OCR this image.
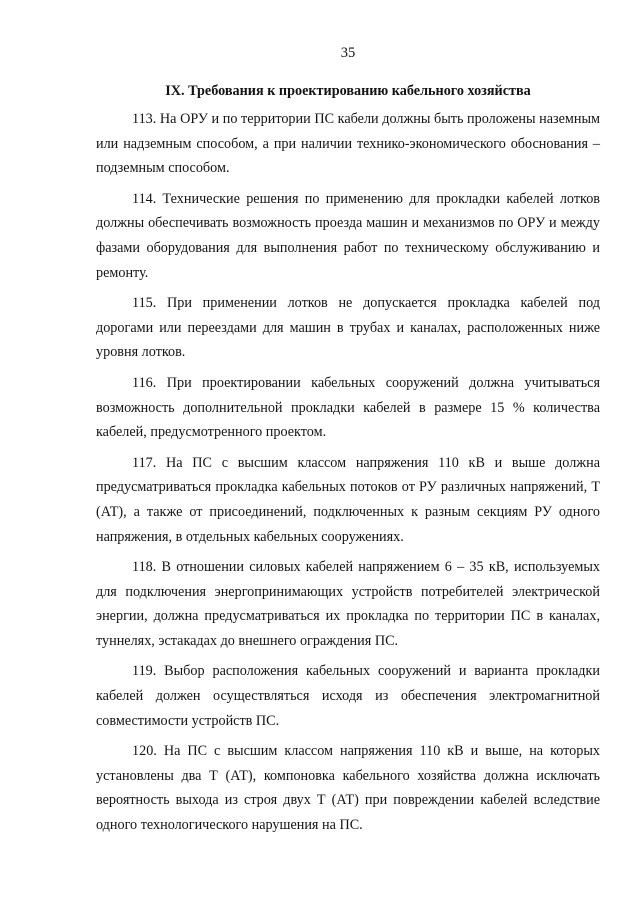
35
IX. Требования к проектированию кабельного хозяйства

113. На ОРУ и по территории ПС кабели должны быть проложены наземным или надземным способом, а при наличии технико-экономического обоснования – подземным способом.

114. Технические решения по применению для прокладки кабелей лотков должны обеспечивать возможность проезда машин и механизмов по ОРУ и между фазами оборудования для выполнения работ по техническому обслуживанию и ремонту.

115. При применении лотков не допускается прокладка кабелей под дорогами или переездами для машин в трубах и каналах, расположенных ниже уровня лотков.

116. При проектировании кабельных сооружений должна учитываться возможность дополнительной прокладки кабелей в размере 15 % количества кабелей, предусмотренного проектом.

117. На ПС с высшим классом напряжения 110 кВ и выше должна предусматриваться прокладка кабельных потоков от РУ различных напряжений, Т (АТ), а также от присоединений, подключенных к разным секциям РУ одного напряжения, в отдельных кабельных сооружениях.

118. В отношении силовых кабелей напряжением 6 – 35 кВ, используемых для подключения энергопринимающих устройств потребителей электрической энергии, должна предусматриваться их прокладка по территории ПС в каналах, туннелях, эстакадах до внешнего ограждения ПС.

119. Выбор расположения кабельных сооружений и варианта прокладки кабелей должен осуществляться исходя из обеспечения электромагнитной совместимости устройств ПС.

120. На ПС с высшим классом напряжения 110 кВ и выше, на которых установлены два Т (АТ), компоновка кабельного хозяйства должна исключать вероятность выхода из строя двух Т (АТ) при повреждении кабелей вследствие одного технологического нарушения на ПС.
